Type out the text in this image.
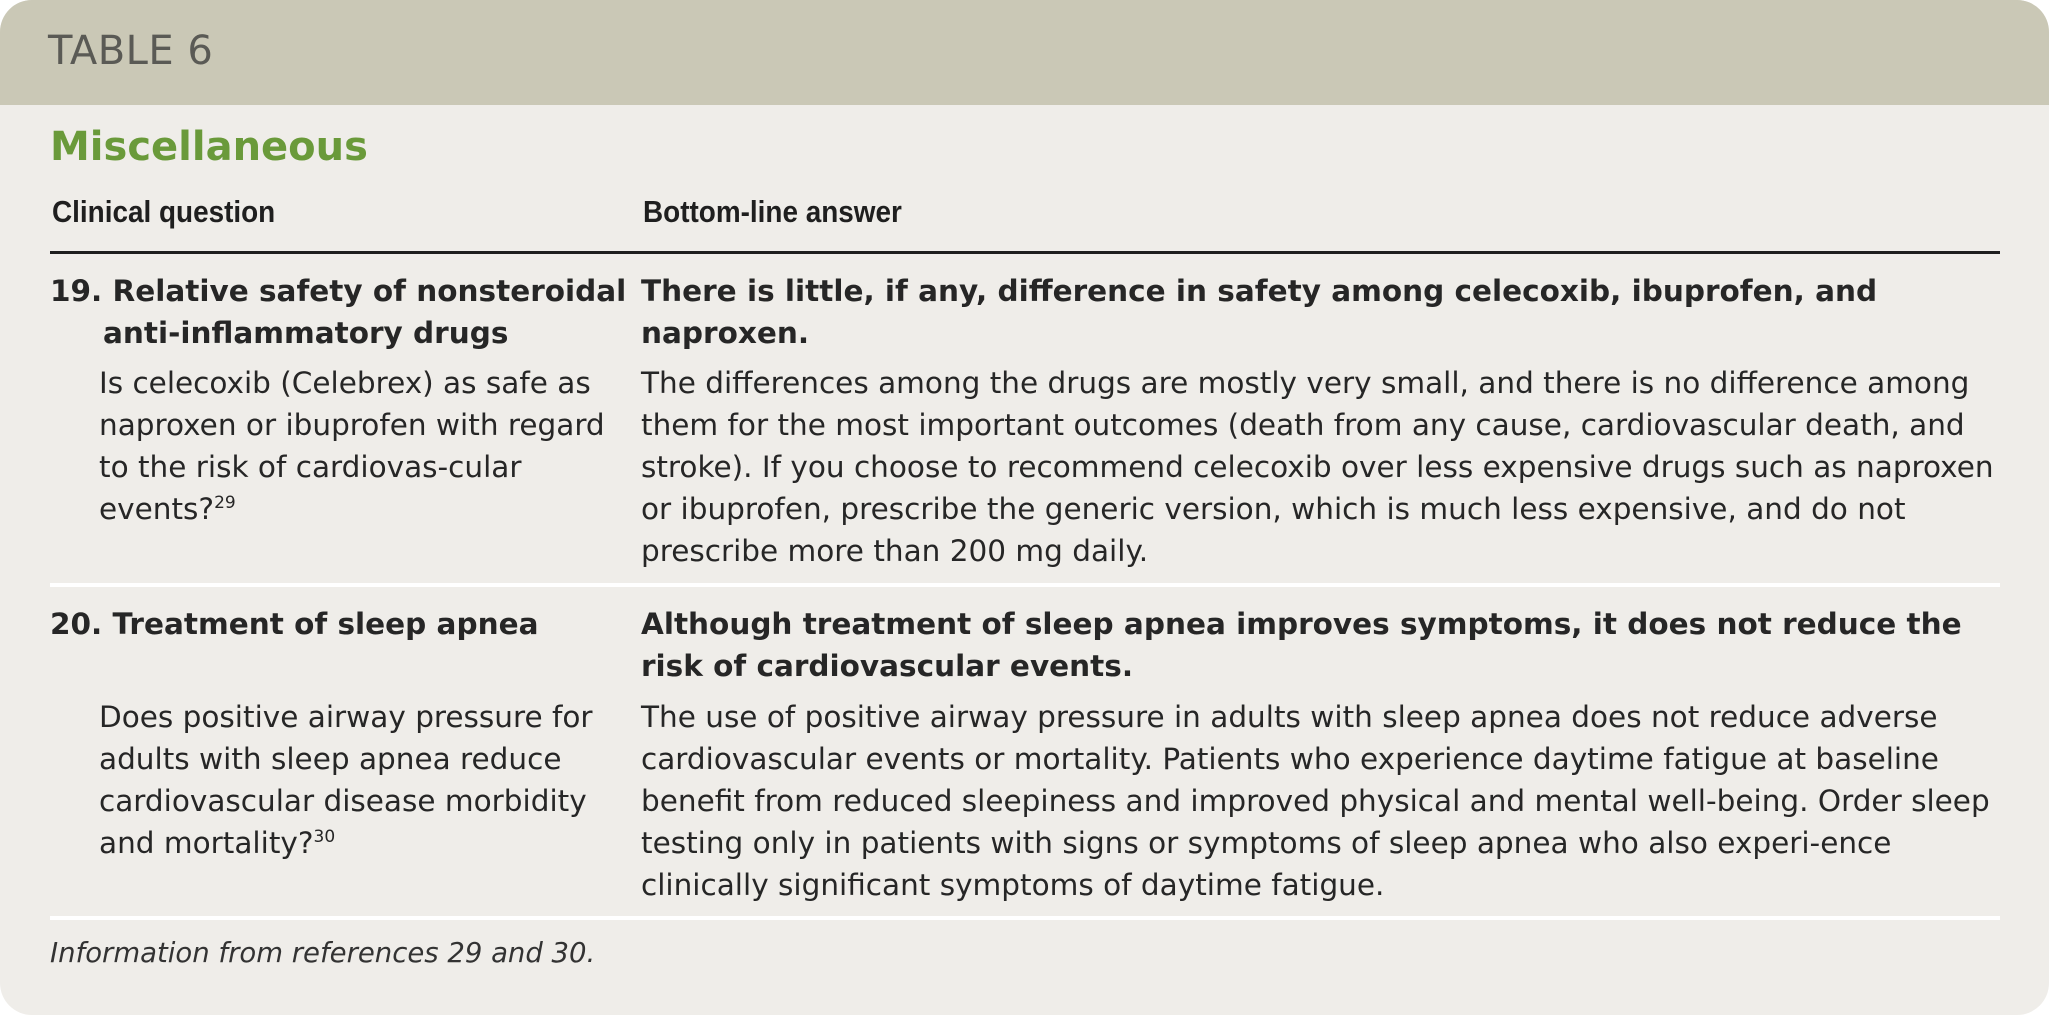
TABLE 6
Miscellaneous
Clinical question	Bottom-line answer
19. Relative safety of nonsteroidal anti-inflammatory drugs
Is celecoxib (Celebrex) as safe as naproxen or ibuprofen with regard to the risk of cardiovas-cular events?$^{29}$
There is little, if any, difference in safety among celecoxib, ibuprofen, and naproxen.
The differences among the drugs are mostly very small, and there is no difference among them for the most important outcomes (death from any cause, cardiovascular death, and stroke). If you choose to recommend celecoxib over less expensive drugs such as naproxen or ibuprofen, prescribe the generic version, which is much less expensive, and do not prescribe more than 200 mg daily.
20. Treatment of sleep apnea
Does positive airway pressure for adults with sleep apnea reduce cardiovascular disease morbidity and mortality?$^{30}$
Although treatment of sleep apnea improves symptoms, it does not reduce the risk of cardiovascular events.
The use of positive airway pressure in adults with sleep apnea does not reduce adverse cardiovascular events or mortality. Patients who experience daytime fatigue at baseline benefit from reduced sleepiness and improved physical and mental well-being. Order sleep testing only in patients with signs or symptoms of sleep apnea who also experi-ence clinically significant symptoms of daytime fatigue.
Information from references 29 and 30.
